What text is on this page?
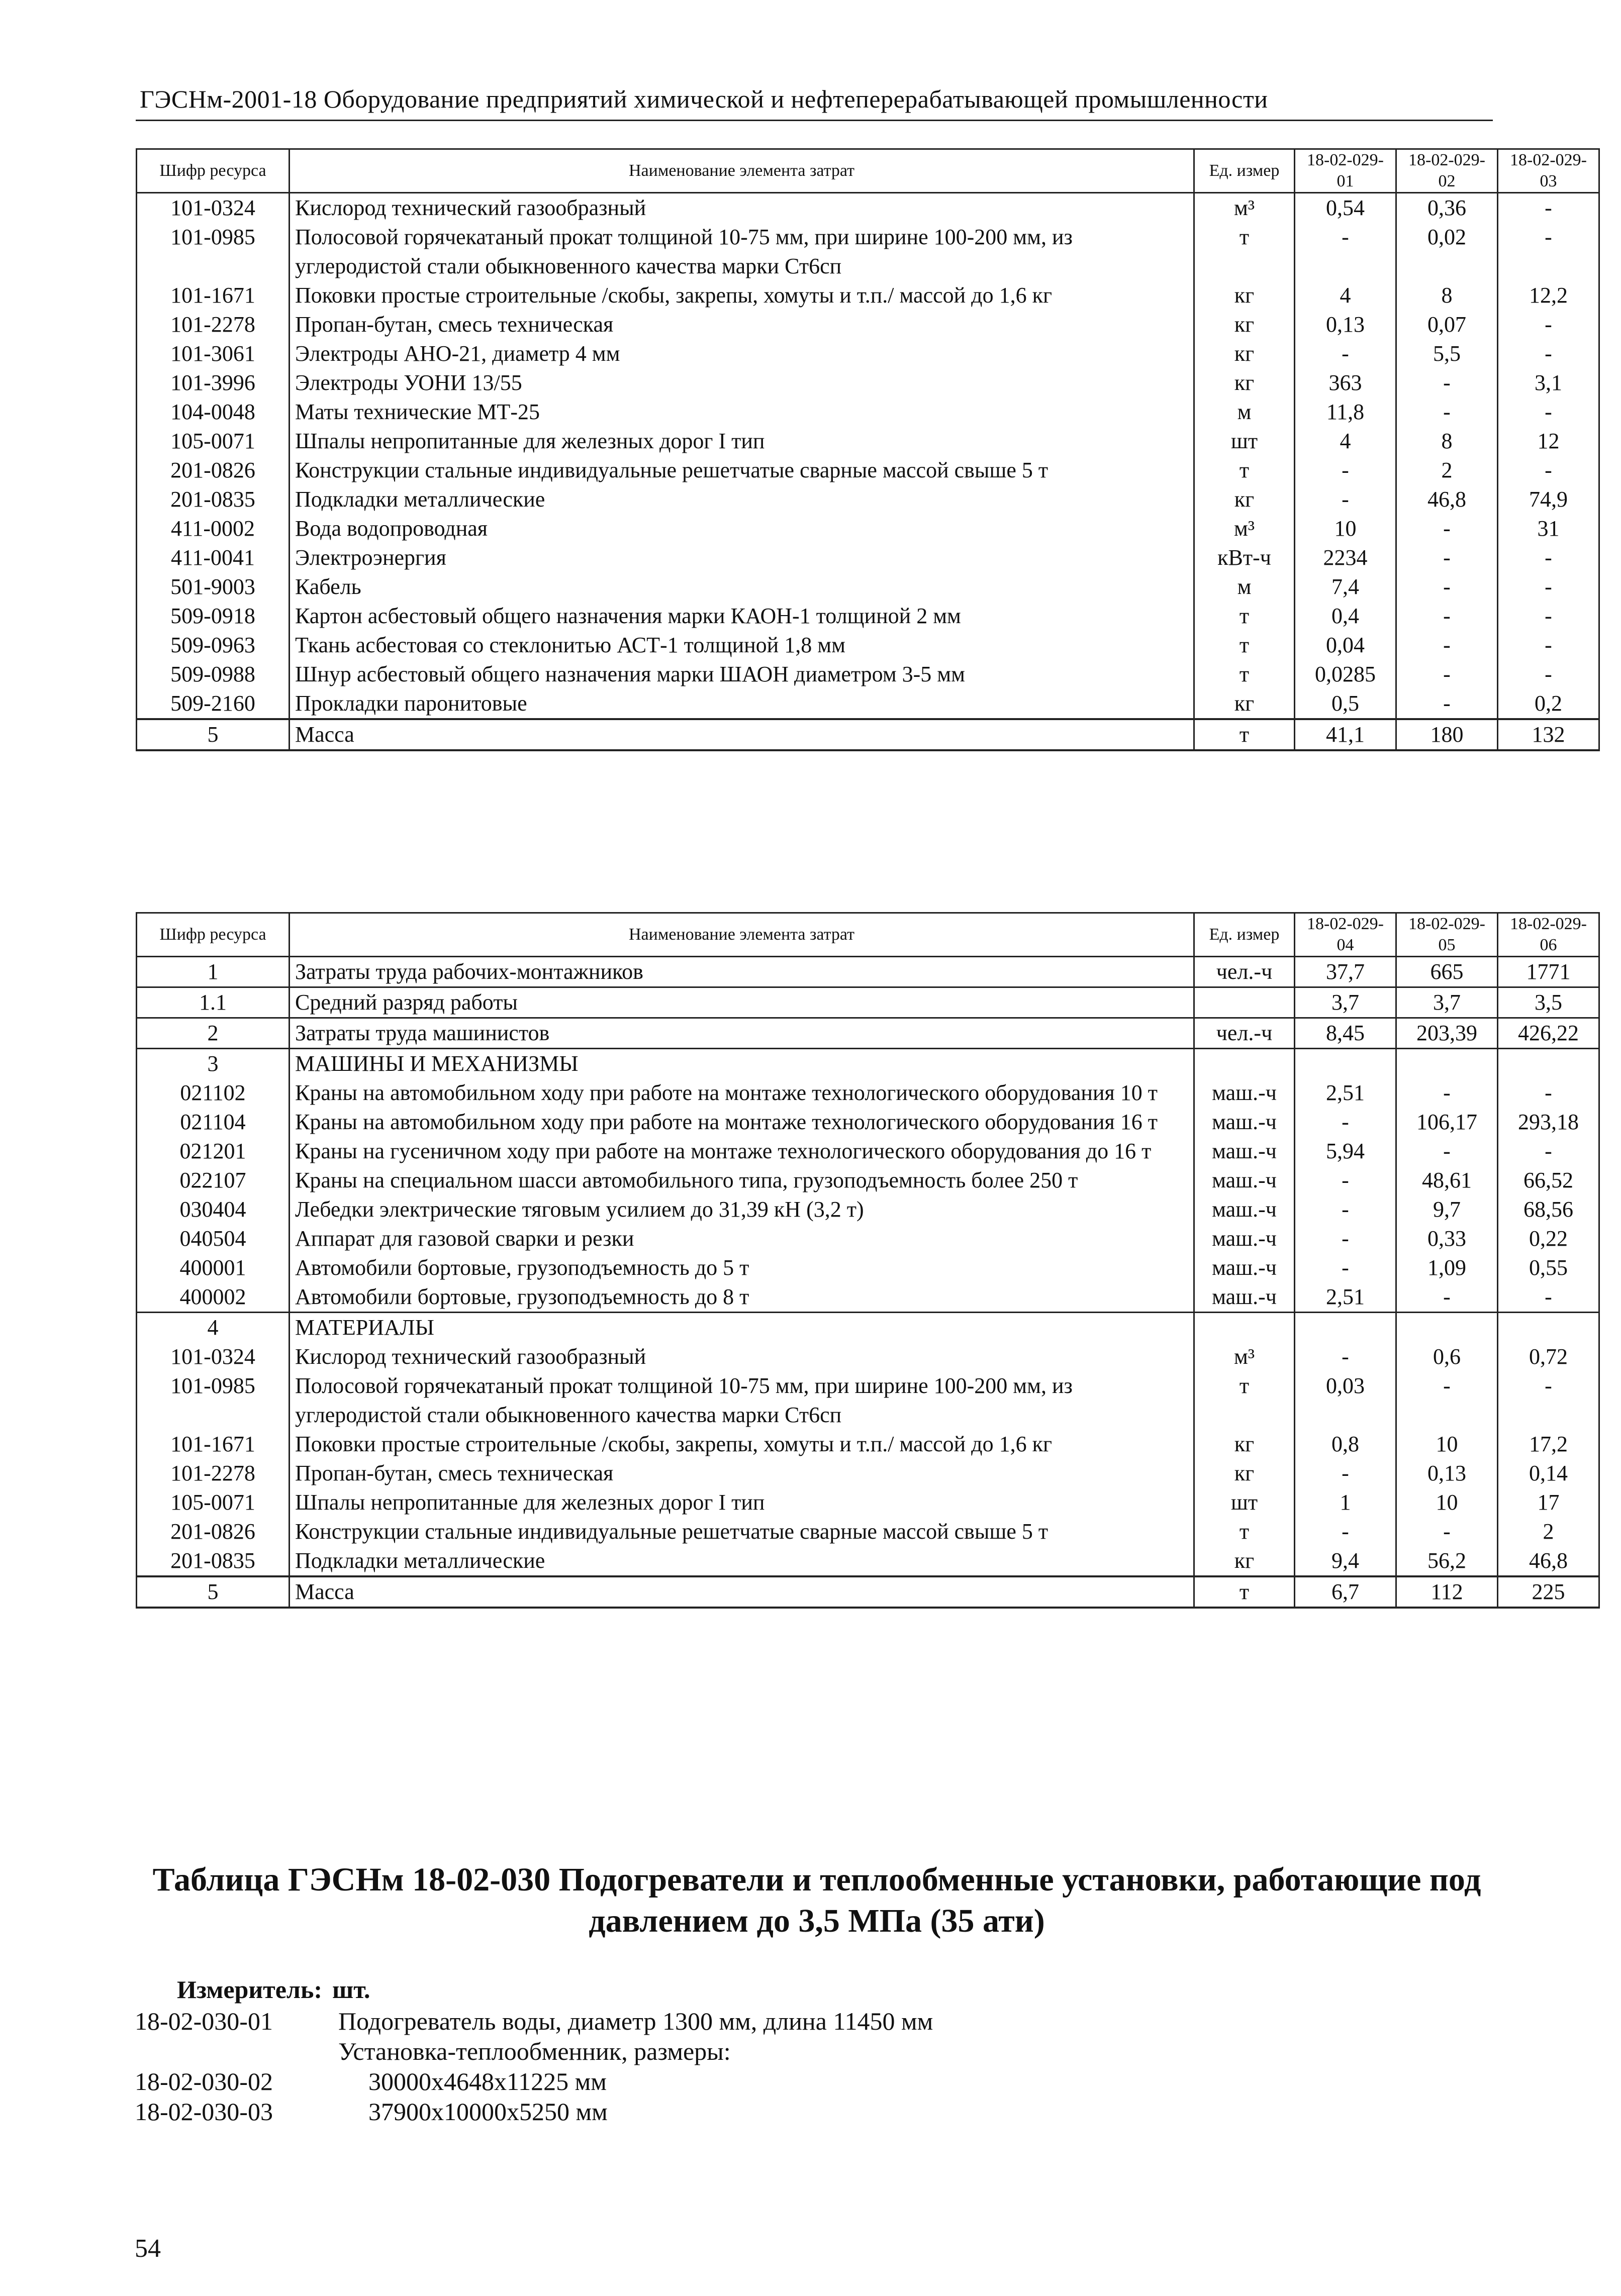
ГЭСНм-2001-18 Оборудование предприятий химической и нефтеперерабатывающей промышленности
Шифр ресурса	Наименование элемента затрат	Ед. измер	18-02-029-01	18-02-029-02	18-02-029-03
101-0324	Кислород технический газообразный	м³	0,54	0,36	-
101-0985	Полосовой горячекатаный прокат толщиной 10-75 мм, при ширине 100-200 мм, из углеродистой стали обыкновенного качества марки Ст6сп	т	-	0,02	-
101-1671	Поковки простые строительные /скобы, закрепы, хомуты и т.п./ массой до 1,6 кг	кг	4	8	12,2
101-2278	Пропан-бутан, смесь техническая	кг	0,13	0,07	-
101-3061	Электроды АНО-21, диаметр 4 мм	кг	-	5,5	-
101-3996	Электроды УОНИ 13/55	кг	363	-	3,1
104-0048	Маты технические МТ-25	м	11,8	-	-
105-0071	Шпалы непропитанные для железных дорог I тип	шт	4	8	12
201-0826	Конструкции стальные индивидуальные решетчатые сварные массой свыше 5 т	т	-	2	-
201-0835	Подкладки металлические	кг	-	46,8	74,9
411-0002	Вода водопроводная	м³	10	-	31
411-0041	Электроэнергия	кВт-ч	2234	-	-
501-9003	Кабель	м	7,4	-	-
509-0918	Картон асбестовый общего назначения марки КАОН-1 толщиной 2 мм	т	0,4	-	-
509-0963	Ткань асбестовая со стеклонитью АСТ-1 толщиной 1,8 мм	т	0,04	-	-
509-0988	Шнур асбестовый общего назначения марки ШАОН диаметром 3-5 мм	т	0,0285	-	-
509-2160	Прокладки паронитовые	кг	0,5	-	0,2
5	Масса	т	41,1	180	132
Шифр ресурса	Наименование элемента затрат	Ед. измер	18-02-029-04	18-02-029-05	18-02-029-06
1	Затраты труда рабочих-монтажников	чел.-ч	37,7	665	1771
1.1	Средний разряд работы		3,7	3,7	3,5
2	Затраты труда машинистов	чел.-ч	8,45	203,39	426,22
3	МАШИНЫ И МЕХАНИЗМЫ				
021102	Краны на автомобильном ходу при работе на монтаже технологического оборудования 10 т	маш.-ч	2,51	-	-
021104	Краны на автомобильном ходу при работе на монтаже технологического оборудования 16 т	маш.-ч	-	106,17	293,18
021201	Краны на гусеничном ходу при работе на монтаже технологического оборудования до 16 т	маш.-ч	5,94	-	-
022107	Краны на специальном шасси автомобильного типа, грузоподъемность более 250 т	маш.-ч	-	48,61	66,52
030404	Лебедки электрические тяговым усилием до 31,39 кН (3,2 т)	маш.-ч	-	9,7	68,56
040504	Аппарат для газовой сварки и резки	маш.-ч	-	0,33	0,22
400001	Автомобили бортовые, грузоподъемность до 5 т	маш.-ч	-	1,09	0,55
400002	Автомобили бортовые, грузоподъемность до 8 т	маш.-ч	2,51	-	-
4	МАТЕРИАЛЫ				
101-0324	Кислород технический газообразный	м³	-	0,6	0,72
101-0985	Полосовой горячекатаный прокат толщиной 10-75 мм, при ширине 100-200 мм, из углеродистой стали обыкновенного качества марки Ст6сп	т	0,03	-	-
101-1671	Поковки простые строительные /скобы, закрепы, хомуты и т.п./ массой до 1,6 кг	кг	0,8	10	17,2
101-2278	Пропан-бутан, смесь техническая	кг	-	0,13	0,14
105-0071	Шпалы непропитанные для железных дорог I тип	шт	1	10	17
201-0826	Конструкции стальные индивидуальные решетчатые сварные массой свыше 5 т	т	-	-	2
201-0835	Подкладки металлические	кг	9,4	56,2	46,8
5	Масса	т	6,7	112	225
Таблица ГЭСНм 18-02-030 Подогреватели и теплообменные установки, работающие под давлением до 3,5 МПа (35 ати)
Измеритель: шт.
18-02-030-01	Подогреватель воды, диаметр 1300 мм, длина 11450 мм
Установка-теплообменник, размеры:
18-02-030-02	30000х4648х11225 мм
18-02-030-03	37900х10000х5250 мм
54
